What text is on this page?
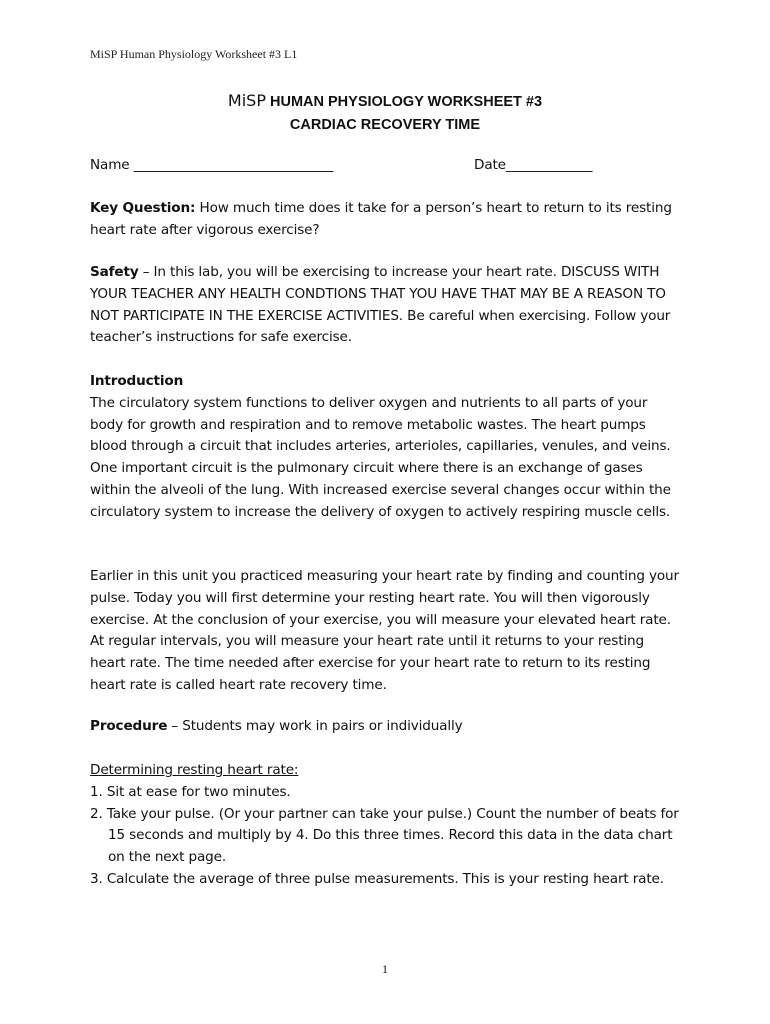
MiSP Human Physiology Worksheet #3 L1
MiSP HUMAN PHYSIOLOGY WORKSHEET #3
CARDIAC RECOVERY TIME
Name ______________________________	Date_____________

Key Question: How much time does it take for a person’s heart to return to its resting heart rate after vigorous exercise?

Safety – In this lab, you will be exercising to increase your heart rate. DISCUSS WITH YOUR TEACHER ANY HEALTH CONDTIONS THAT YOU HAVE THAT MAY BE A REASON TO NOT PARTICIPATE IN THE EXERCISE ACTIVITIES. Be careful when exercising. Follow your teacher’s instructions for safe exercise.

Introduction
The circulatory system functions to deliver oxygen and nutrients to all parts of your body for growth and respiration and to remove metabolic wastes. The heart pumps blood through a circuit that includes arteries, arterioles, capillaries, venules, and veins. One important circuit is the pulmonary circuit where there is an exchange of gases within the alveoli of the lung. With increased exercise several changes occur within the circulatory system to increase the delivery of oxygen to actively respiring muscle cells.

Earlier in this unit you practiced measuring your heart rate by finding and counting your pulse. Today you will first determine your resting heart rate. You will then vigorously exercise. At the conclusion of your exercise, you will measure your elevated heart rate. At regular intervals, you will measure your heart rate until it returns to your resting heart rate. The time needed after exercise for your heart rate to return to its resting heart rate is called heart rate recovery time.

Procedure – Students may work in pairs or individually

Determining resting heart rate:
1. Sit at ease for two minutes.
2. Take your pulse. (Or your partner can take your pulse.) Count the number of beats for 15 seconds and multiply by 4. Do this three times. Record this data in the data chart on the next page.
3. Calculate the average of three pulse measurements. This is your resting heart rate.
1
